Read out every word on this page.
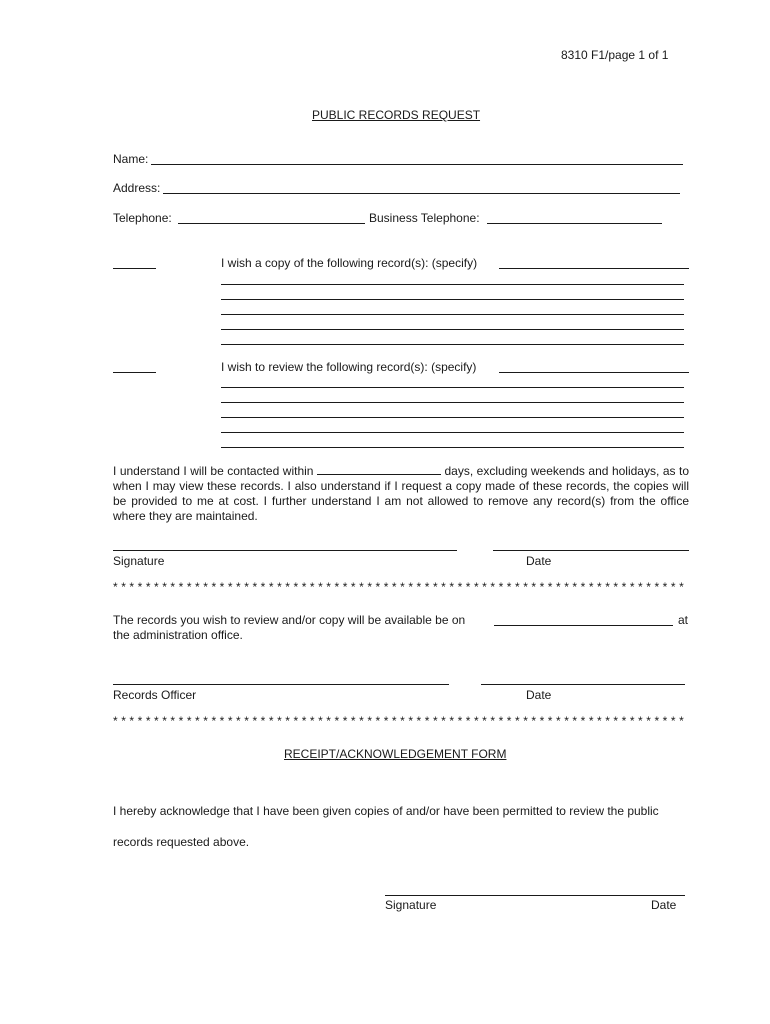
8310 F1/page 1 of 1
PUBLIC RECORDS REQUEST
Name:
Address:
Telephone:	Business Telephone:
I wish a copy of the following record(s): (specify)
I wish to review the following record(s): (specify)
I understand I will be contacted within	days, excluding weekends and holidays, as to when I may view these records. I also understand if I request a copy made of these records, the copies will be provided to me at cost. I further understand I am not allowed to remove any record(s) from the office where they are maintained.
Signature	Date
* * * * * * * * * * * * * * * * * * * * * * * * * * * * * * * * * * * * * * * * * * * * * * * * * * * * * * * * * * * * * * * * * * * * * *
The records you wish to review and/or copy will be available be on	at
the administration office.
Records Officer	Date
* * * * * * * * * * * * * * * * * * * * * * * * * * * * * * * * * * * * * * * * * * * * * * * * * * * * * * * * * * * * * * * * * * * * * *
RECEIPT/ACKNOWLEDGEMENT FORM
I hereby acknowledge that I have been given copies of and/or have been permitted to review the public
records requested above.
Signature	Date
